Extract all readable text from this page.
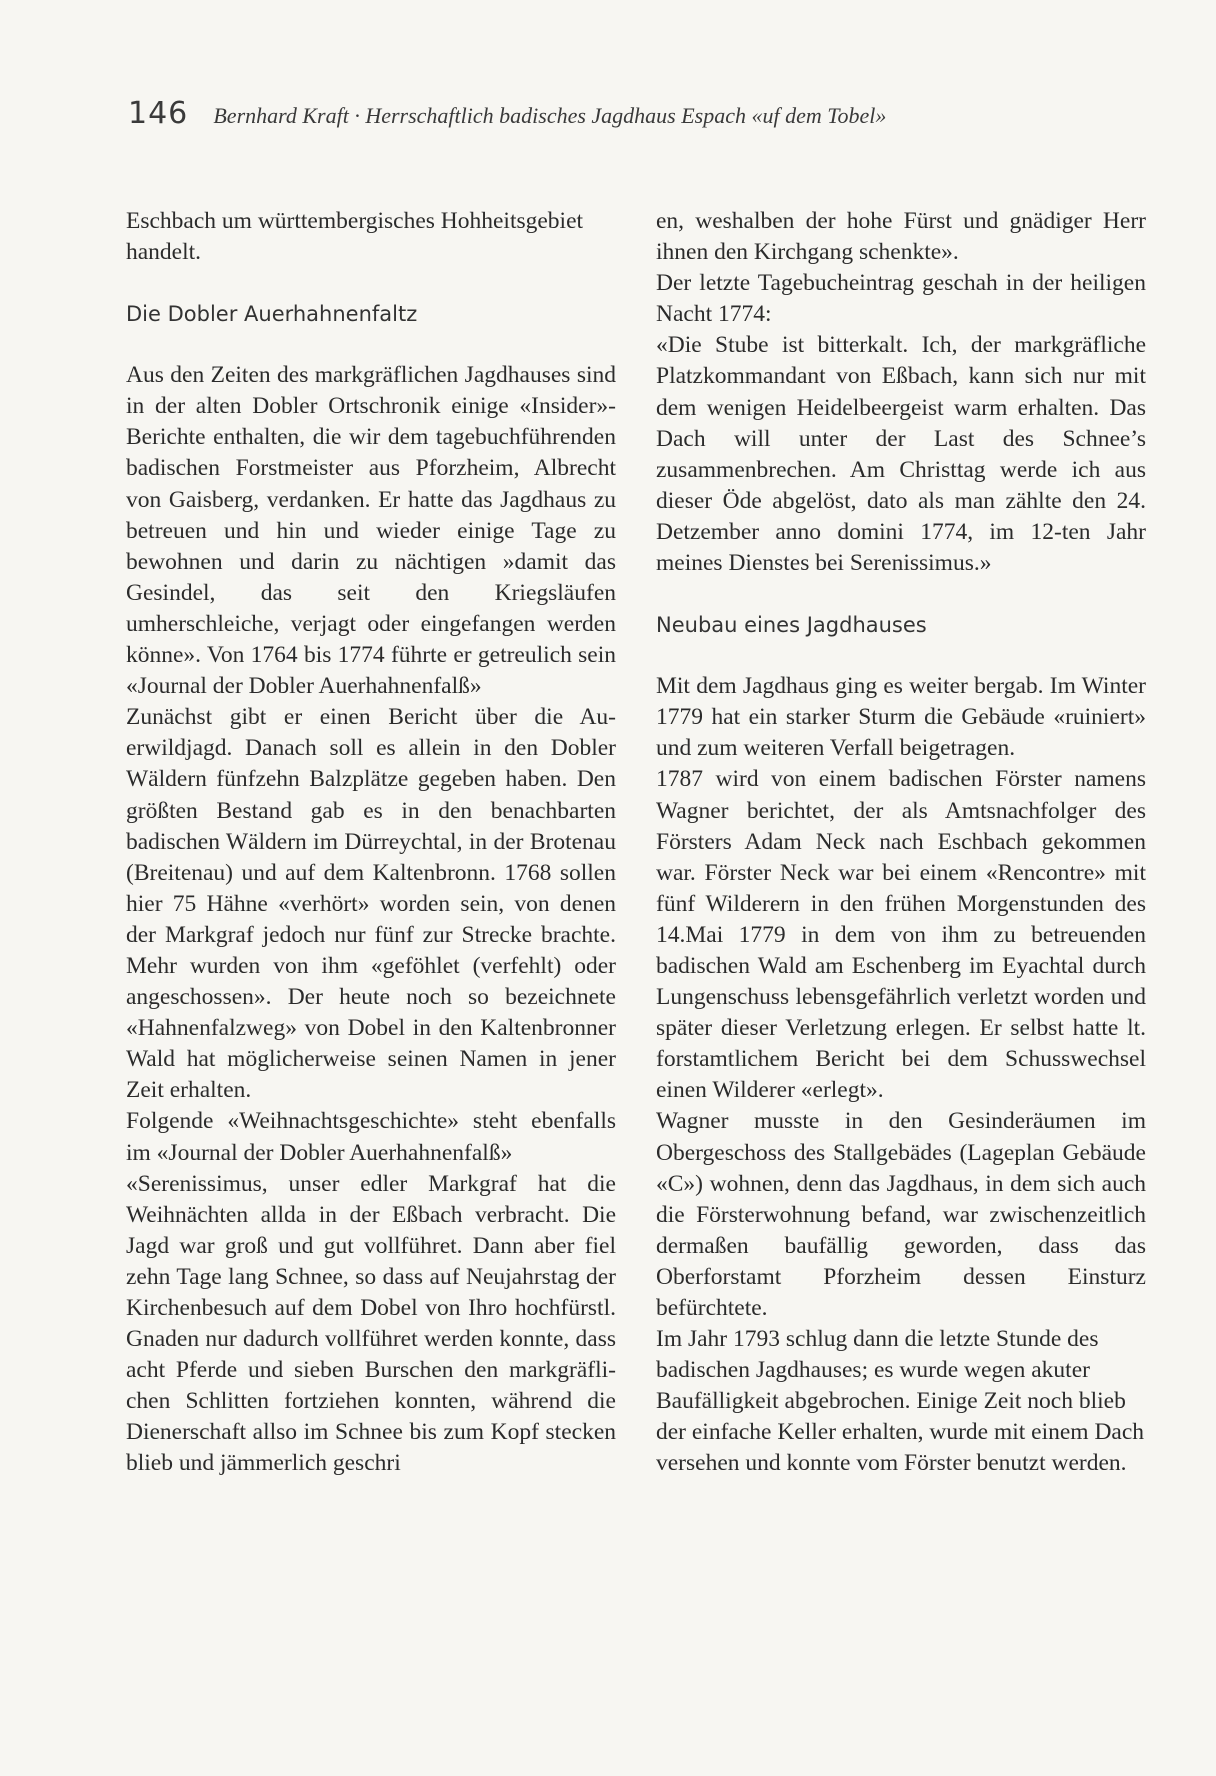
146 Bernhard Kraft · Herrschaftlich badisches Jagdhaus Espach «uf dem Tobel»

Eschbach um württembergisches Hohheitsgebiet handelt.

Die Dobler Auerhahnenfaltz

Aus den Zeiten des markgräflichen Jagdhauses sind in der alten Dobler Ortschronik einige «Insider»-Berichte enthalten, die wir dem tagebuchführenden badischen Forstmeister aus Pforzheim, Albrecht von Gaisberg, verdanken. Er hatte das Jagdhaus zu betreuen und hin und wieder einige Tage zu bewohnen und darin zu nächtigen »damit das Gesindel, das seit den Kriegsläufen umherschleiche, verjagt oder eingefangen werden könne». Von 1764 bis 1774 führte er getreulich sein «Journal der Dobler Auerhahnenfalß»

Zunächst gibt er einen Bericht über die Auerwildjagd. Danach soll es allein in den Dobler Wäldern fünfzehn Balzplätze gegeben haben. Den größten Bestand gab es in den benachbarten badischen Wäldern im Dürreychtal, in der Brotenau (Breitenau) und auf dem Kaltenbronn. 1768 sollen hier 75 Hähne «verhört» worden sein, von denen der Markgraf jedoch nur fünf zur Strecke brachte. Mehr wurden von ihm «geföhlet (verfehlt) oder angeschossen». Der heute noch so bezeichnete «Hahnenfalzweg» von Dobel in den Kaltenbronner Wald hat möglicherweise seinen Namen in jener Zeit erhalten.

Folgende «Weihnachtsgeschichte» steht ebenfalls im «Journal der Dobler Auerhahnenfalß»

«Serenissimus, unser edler Markgraf hat die Weihnächten allda in der Eßbach verbracht. Die Jagd war groß und gut vollführet. Dann aber fiel zehn Tage lang Schnee, so dass auf Neujahrstag der Kirchenbesuch auf dem Dobel von Ihro hochfürstl. Gnaden nur dadurch vollführet werden konnte, dass acht Pferde und sieben Burschen den markgräflichen Schlitten fortziehen konnten, während die Dienerschaft allso im Schnee bis zum Kopf stecken blieb und jämmerlich geschri

en, weshalben der hohe Fürst und gnädiger Herr ihnen den Kirchgang schenkte».

Der letzte Tagebucheintrag geschah in der heiligen Nacht 1774:

«Die Stube ist bitterkalt. Ich, der markgräfliche Platzkommandant von Eßbach, kann sich nur mit dem wenigen Heidelbeergeist warm erhalten. Das Dach will unter der Last des Schnee’s zusammenbrechen. Am Christtag werde ich aus dieser Öde abgelöst, dato als man zählte den 24. Detzember anno domini 1774, im 12-ten Jahr meines Dienstes bei Serenissimus.»

Neubau eines Jagdhauses

Mit dem Jagdhaus ging es weiter bergab. Im Winter 1779 hat ein starker Sturm die Gebäude «ruiniert» und zum weiteren Verfall beigetragen.

1787 wird von einem badischen Förster namens Wagner berichtet, der als Amtsnachfolger des Försters Adam Neck nach Eschbach gekommen war. Förster Neck war bei einem «Rencontre» mit fünf Wilderern in den frühen Morgenstunden des 14.Mai 1779 in dem von ihm zu betreuenden badischen Wald am Eschenberg im Eyachtal durch Lungenschuss lebensgefährlich verletzt worden und später dieser Verletzung erlegen. Er selbst hatte lt. forstamtlichem Bericht bei dem Schusswechsel einen Wilderer «erlegt».

Wagner musste in den Gesinderäumen im Obergeschoss des Stallgebädes (Lageplan Gebäude «C») wohnen, denn das Jagdhaus, in dem sich auch die Försterwohnung befand, war zwischenzeitlich dermaßen baufällig geworden, dass das Oberforstamt Pforzheim dessen Einsturz befürchtete.

Im Jahr 1793 schlug dann die letzte Stunde des badischen Jagdhauses; es wurde wegen akuter Baufälligkeit abgebrochen. Einige Zeit noch blieb der einfache Keller erhalten, wurde mit einem Dach versehen und konnte vom Förster benutzt werden.
